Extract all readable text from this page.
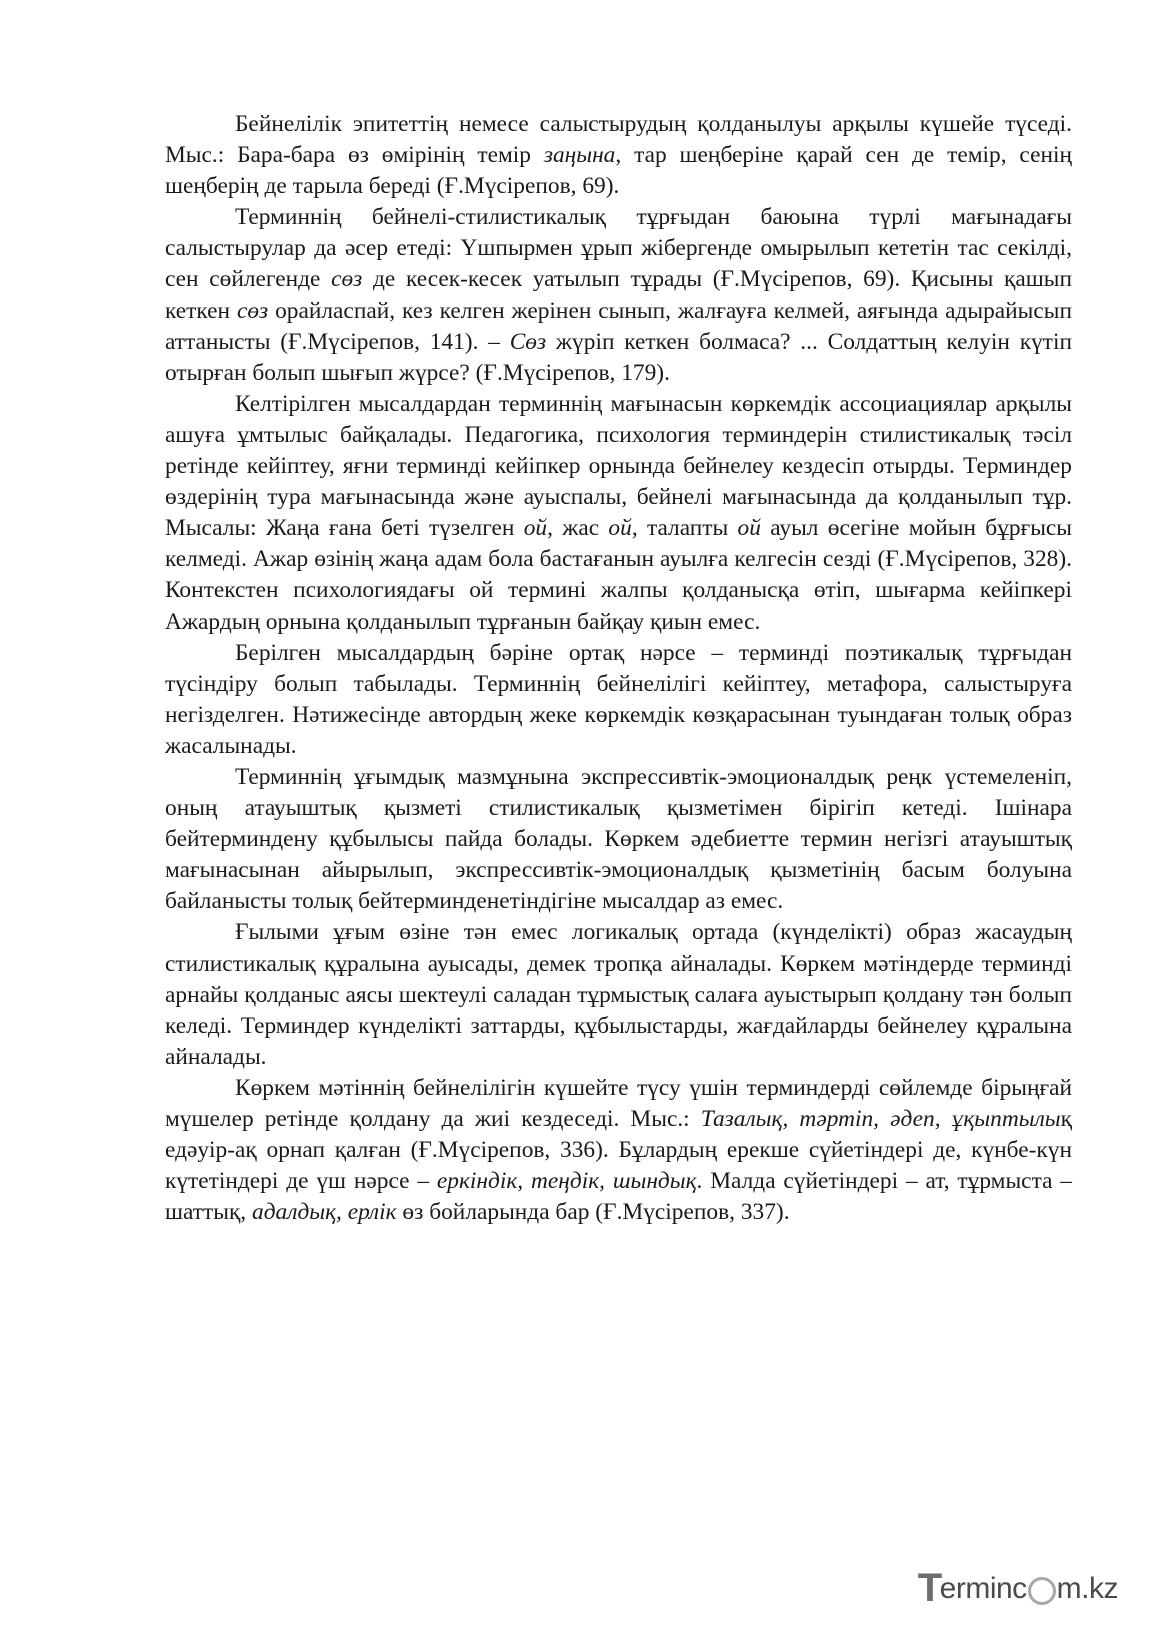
Бейнелілік эпитеттің немесе салыстырудың қолданылуы арқылы күшейе түседі. Мыс.: Бара-бара өз өмірінің темір заңына, тар шеңберіне қарай сен де темір, сенің шеңберің де тарыла береді (Ғ.Мүсірепов, 69).

Терминнің бейнелі-стилистикалық тұрғыдан баюына түрлі мағынадағы салыстырулар да әсер етеді: Үшпырмен ұрып жібергенде омырылып кететін тас секілді, сен сөйлегенде сөз де кесек-кесек уатылып тұрады (Ғ.Мүсірепов, 69). Қисыны қашып кеткен сөз орайласпай, кез келген жерінен сынып, жалғауға келмей, аяғында адырайысып аттанысты (Ғ.Мүсірепов, 141). – Сөз жүріп кеткен болмаса? ... Солдаттың келуін күтіп отырған болып шығып жүрсе? (Ғ.Мүсірепов, 179).

Келтірілген мысалдардан терминнің мағынасын көркемдік ассоциациялар арқылы ашуға ұмтылыс байқалады. Педагогика, психология терминдерін стилистикалық тәсіл ретінде кейіптеу, яғни терминді кейіпкер орнында бейнелеу кездесіп отырды. Терминдер өздерінің тура мағынасында және ауыспалы, бейнелі мағынасында да қолданылып тұр. Мысалы: Жаңа ғана беті түзелген ой, жас ой, талапты ой ауыл өсегіне мойын бұрғысы келмеді. Ажар өзінің жаңа адам бола бастағанын ауылға келгесін сезді (Ғ.Мүсірепов, 328). Контекстен психологиядағы ой термині жалпы қолданысқа өтіп, шығарма кейіпкері Ажардың орнына қолданылып тұрғанын байқау қиын емес.

Берілген мысалдардың бәріне ортақ нәрсе – терминді поэтикалық тұрғыдан түсіндіру болып табылады. Терминнің бейнелілігі кейіптеу, метафора, салыстыруға негізделген. Нәтижесінде автордың жеке көркемдік көзқарасынан туындаған толық образ жасалынады.

Терминнің ұғымдық мазмұнына экспрессивтік-эмоционалдық реңк үстемеленіп, оның атауыштық қызметі стилистикалық қызметімен бірігіп кетеді. Ішінара бейтерминдену құбылысы пайда болады. Көркем әдебиетте термин негізгі атауыштық мағынасынан айырылып, экспрессивтік-эмоционалдық қызметінің басым болуына байланысты толық бейтерминденетіндігіне мысалдар аз емес.

Ғылыми ұғым өзіне тән емес логикалық ортада (күнделікті) образ жасаудың стилистикалық құралына ауысады, демек тропқа айналады. Көркем мәтіндерде терминді арнайы қолданыс аясы шектеулі саладан тұрмыстық салаға ауыстырып қолдану тән болып келеді. Терминдер күнделікті заттарды, құбылыстарды, жағдайларды бейнелеу құралына айналады.

Көркем мәтіннің бейнелілігін күшейте түсу үшін терминдерді сөйлемде бірыңғай мүшелер ретінде қолдану да жиі кездеседі. Мыс.: Тазалық, тәртіп, әдеп, ұқыптылық едәуір-ақ орнап қалған (Ғ.Мүсірепов, 336). Бұлардың ерекше сүйетіндері де, күнбе-күн күтетіндері де үш нәрсе – еркіндік, теңдік, шындық. Малда сүйетіндері – ат, тұрмыста – шаттық, адалдық, ерлік өз бойларында бар (Ғ.Мүсірепов, 337).

T
ermin c m.kz
